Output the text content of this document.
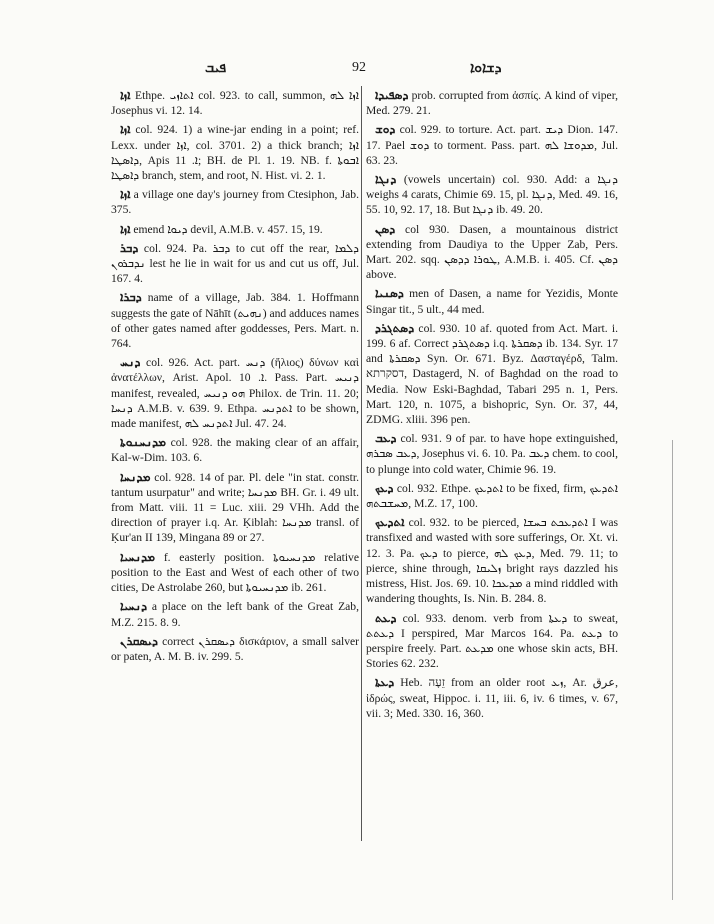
ܦܝܒ	92	ܕܫܐܘܐ

ܐܙܐ Ethpe. ܐܬܐܙܝ col. 923. to call, summon, ܐܙܐ ܠܗ Josephus vi. 12. 14.

ܐܙܐ col. 924. 1) a wine-jar ending in a point; ref. Lexx. under ܐܙܐ, col. 3701. 2) a thick branch; ܐܙܐ ܕܐܣܛܐ, Apis ܐ. 11; BH. de Pl. 1. 19. NB. f. ܐܒܘܬܐ ܕܐܣܛܐ branch, stem, and root, N. Hist. vi. 2. 1.

ܐܙܐ a village one day's journey from Ctesiphon, Jab. 375.

ܐܙܐ emend ܕܝܘܐ devil, A.M.B. v. 457. 15, 19.

ܕܒܪ col. 924. Pa. ܕܒܪ to cut off the rear, ܕܠܡܐ ܢܕܒܪܘܢ lest he lie in wait for us and cut us off, Jul. 167. 4.

ܕܒܪܐ name of a village, Jab. 384. 1. Hoffmann suggests the gate of Nāhīt (ܢܗܝܬ) and adduces names of other gates named after goddesses, Pers. Mart. n. 764.

ܕܢܚ col. 926. Act. part. ܕܢܚ (ἥλιος) δύνων καὶ ἀνατέλλων, Arist. Apol. ܐ. 10. Pass. Part. ܕܢܝܚ manifest, revealed, ܗܘ ܕܢܝܚ Philox. de Trin. 11. 20; ܕܢܚܐ A.M.B. v. 639. 9. Ethpa. ܐܬܕܢܚ to be shown, made manifest, ܐܬܕܢܚ ܠܗ Jul. 47. 24.

ܡܕܢܚܢܘܬܐ col. 928. the making clear of an affair, Kal-w-Dim. 103. 6.

ܡܕܢܚܐ col. 928. 14 of par. Pl. dele "in stat. constr. tantum usurpatur" and write; ܡܕܢܚܐ BH. Gr. i. 49 ult. from Matt. viii. 11 = Luc. xiii. 29 VHh. Add the direction of prayer i.q. Ar. Ḳiblah: ܡܕܢܚܐ transl. of Ḳur'an II 139, Mingana 89 or 27.

ܡܕܢܚܝܐ f. easterly position. ܡܕܢܚܝܘܬܐ relative position to the East and West of each other of two cities, De Astrolabe 260, but ܡܕܢܚܝܘܬܐ ib. 261.

ܕܢܚܝܐ a place on the left bank of the Great Zab, M.Z. 215. 8. 9.

ܕܝܣܩܪܢ correct ܕܝܣܩܪܢ δισκάριον, a small salver or paten, A. M. B. iv. 299. 5.

ܕܣܦܝܕܐ prob. corrupted from ἀσπίς. A kind of viper, Med. 279. 21.

ܕܘܫ col. 929. to torture. Act. part. ܕܝܫ Dion. 147. 17. Pael ܕܘܫ to torment. Pass. part. ܡܕܘܫܐ ܠܗ, Jul. 63. 23.

ܕܢܓܐ (vowels uncertain) col. 930. Add: a ܕܢܓܐ weighs 4 carats, Chimie 69. 15, pl. ܕܢܓܐ, Med. 49. 16, 55. 10, 92. 17, 18. But ܕܢܓܐ ib. 49. 20.

ܕܣܢ col 930. Dasen, a mountainous district extending from Daudiya to the Upper Zab, Pers. Mart. 202. sqq. ܛܘܪܐ ܕܕܣܢ, A.M.B. i. 405. Cf. ܕܣܢ above.

ܕܣܢܝܐ men of Dasen, a name for Yezidis, Monte Singar tit., 5 ult., 44 med.

ܕܣܬܓܪܕ col. 930. 10 af. quoted from Act. Mart. i. 199. 6 af. Correct ܕܣܬܓܪܕ i.q. ܕܣܩܪܬܐ ib. 134. Syr. 17 and ܕܣܩܪܬܐ Syn. Or. 671. Byz. Δασταγέρδ, Talm. דסקרתא, Dastagerd, N. of Baghdad on the road to Media. Now Eski-Baghdad, Tabari 295 n. 1, Pers. Mart. 120, n. 1075, a bishopric, Syn. Or. 37, 44, ZDMG. xliii. 396 pen.

ܕܥܒ col. 931. 9 of par. to have hope extinguished, ܕܥܒ ܣܒܪܗ, Josephus vi. 6. 10. Pa. ܕܥܒ chem. to cool, to plunge into cold water, Chimie 96. 19.

ܕܥܟ col. 932. Ethpe. ܐܬܕܥܟ to be fixed, firm, ܐܬܕܥܟ ܡܚܫܒܬܗ, M.Z. 17, 100.

ܐܬܕܥܟ col. 932. to be pierced, ܐܬܕܥܟܬ ܒܚܫܐ I was transfixed and wasted with sore sufferings, Or. Xt. vi. 12. 3. Pa. ܕܥܟ to pierce, ܕܥܟ ܠܗ, Med. 79. 11; to pierce, shine through, ܙܠܝܩܐ bright rays dazzled his mistress, Hist. Jos. 69. 10. ܡܕܥܟܐ a mind riddled with wandering thoughts, Is. Nin. B. 284. 8.

ܕܥܬ col. 933. denom. verb from ܕܥܬܐ to sweat, ܕܥܬܬ I perspired, Mar Marcos 164. Pa. ܕܥܬ to perspire freely. Part. ܡܕܥܬ one whose skin acts, BH. Stories 62. 232.

ܕܥܬܐ Heb. זֵעָה from an older root ܙܥ, Ar. عرق, ἱδρώς, sweat, Hippoc. i. 11, iii. 6, iv. 6 times, v. 67, vii. 3; Med. 330. 16, 360.
